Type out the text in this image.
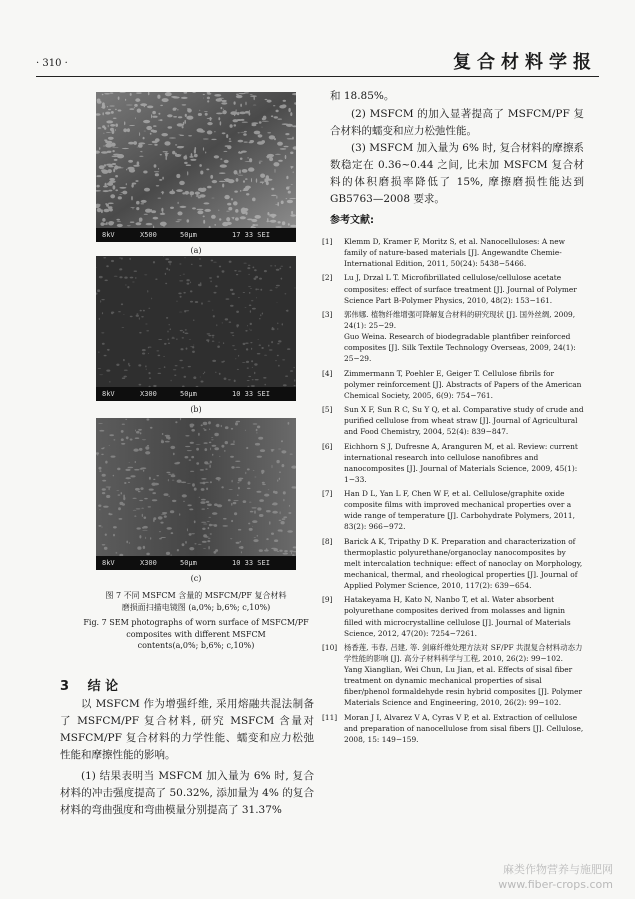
· 310 ·	复合材料学报
8kV	X500	50μm	17 33 SEI
(a)
8kV	X300	50μm	10 33 SEI
(b)
8kV	X300	50μm	10 33 SEI
(c)
图 7 不同 MSFCM 含量的 MSFCM/PF 复合材料
磨损面扫描电镜图 (a,0%; b,6%; c,10%)
Fig. 7 SEM photographs of worn surface of MSFCM/PF
composites with different MSFCM
contents(a,0%; b,6%; c,10%)
3 结 论
以 MSFCM 作为增强纤维, 采用熔融共混法制备了 MSFCM/PF 复合材料, 研究 MSFCM 含量对 MSFCM/PF 复合材料的力学性能、蠕变和应力松弛性能和摩擦性能的影响。
(1) 结果表明当 MSFCM 加入量为 6% 时, 复合材料的冲击强度提高了 50.32%, 添加量为 4% 的复合材料的弯曲强度和弯曲模量分别提高了 31.37%
和 18.85%。
(2) MSFCM 的加入显著提高了 MSFCM/PF 复合材料的蠕变和应力松弛性能。
(3) MSFCM 加入量为 6% 时, 复合材料的摩擦系数稳定在 0.36~0.44 之间, 比未加 MSFCM 复合材料的体积磨损率降低了 15%, 摩擦磨损性能达到 GB5763—2008 要求。
参考文献:
[1] Klemm D, Kramer F, Moritz S, et al. Nanocelluloses: A new family of nature-based materials [J]. Angewandte Chemie-International Edition, 2011, 50(24): 5438−5466.

[2] Lu J, Drzal L T. Microfibrillated cellulose/cellulose acetate composites: effect of surface treatment [J]. Journal of Polymer Science Part B-Polymer Physics, 2010, 48(2): 153−161.

[3] 郭伟娜. 植物纤维增强可降解复合材料的研究现状 [J]. 国外丝绸, 2009, 24(1): 25−29.

Guo Weina. Research of biodegradable plantfiber reinforced composites [J]. Silk Textile Technology Overseas, 2009, 24(1): 25−29.

[4] Zimmermann T, Poehler E, Geiger T. Cellulose fibrils for polymer reinforcement [J]. Abstracts of Papers of the American Chemical Society, 2005, 6(9): 754−761.

[5] Sun X F, Sun R C, Su Y Q, et al. Comparative study of crude and purified cellulose from wheat straw [J]. Journal of Agricultural and Food Chemistry, 2004, 52(4): 839−847.

[6] Eichhorn S J, Dufresne A, Aranguren M, et al. Review: current international research into cellulose nanofibres and nanocomposites [J]. Journal of Materials Science, 2009, 45(1): 1−33.

[7] Han D L, Yan L F, Chen W F, et al. Cellulose/graphite oxide composite films with improved mechanical properties over a wide range of temperature [J]. Carbohydrate Polymers, 2011, 83(2): 966−972.

[8] Barick A K, Tripathy D K. Preparation and characterization of thermoplastic polyurethane/organoclay nanocomposites by melt intercalation technique: effect of nanoclay on Morphology, mechanical, thermal, and rheological properties [J]. Journal of Applied Polymer Science, 2010, 117(2): 639−654.

[9] Hatakeyama H, Kato N, Nanbo T, et al. Water absorbent polyurethane composites derived from molasses and lignin filled with microcrystalline cellulose [J]. Journal of Materials Science, 2012, 47(20): 7254−7261.

[10] 杨香莲, 韦春, 吕建, 等. 剑麻纤维处理方法对 SF/PF 共混复合材料动态力学性能的影响 [J]. 高分子材料科学与工程, 2010, 26(2): 99−102.

Yang Xianglian, Wei Chun, Lu Jian, et al. Effects of sisal fiber treatment on dynamic mechanical properties of sisal fiber/phenol formaldehyde resin hybrid composites [J]. Polymer Materials Science and Engineering, 2010, 26(2): 99−102.

[11] Moran J I, Alvarez V A, Cyras V P, et al. Extraction of cellulose and preparation of nanocellulose from sisal fibers [J]. Cellulose, 2008, 15: 149−159.

麻类作物营养与施肥网
www.fiber-crops.com
